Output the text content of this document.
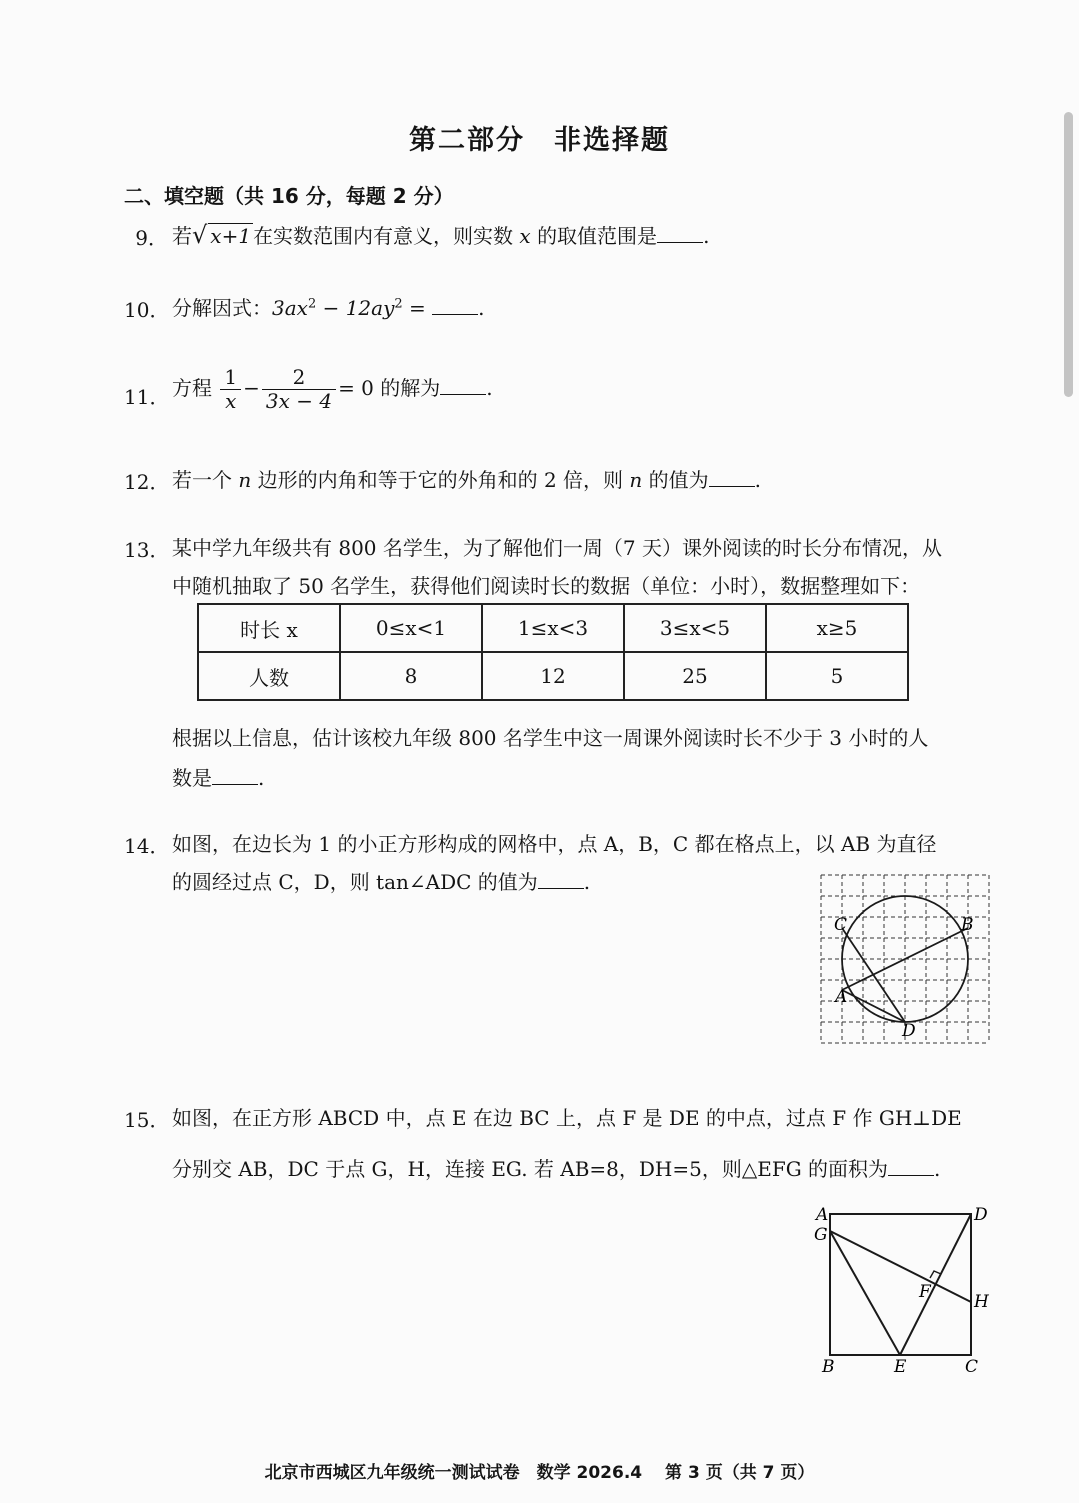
第二部分　非选择题
二、填空题（共 16 分，每题 2 分）
9． 若√ x+1 在实数范围内有意义，则实数 x 的取值范围是 .
10． 分解因式：$3ax^2 - 12ay^2$ = .
11． 方程 $\frac{1}{x} - \frac{2}{3x - 4} = 0$ 的解为 .
12． 若一个 n 边形的内角和等于它的外角和的 2 倍，则 n 的值为 .
13． 某中学九年级共有 800 名学生，为了解他们一周（7 天）课外阅读的时长分布情况，从
中随机抽取了 50 名学生，获得他们阅读时长的数据（单位：小时），数据整理如下：
时长 x	0≤x<1	1≤x<3	3≤x<5	x≥5
人数	8	12	25	5
根据以上信息，估计该校九年级 800 名学生中这一周课外阅读时长不少于 3 小时的人
数是 .
14． 如图，在边长为 1 的小正方形构成的网格中，点 A，B，C 都在格点上，以 AB 为直径
的圆经过点 C，D，则 tan∠ADC 的值为 .
C	B
A
D
15． 如图，在正方形 ABCD 中，点 E 在边 BC 上，点 F 是 DE 的中点，过点 F 作 GH⊥DE
分别交 AB，DC 于点 G，H，连接 EG. 若 AB=8，DH=5，则△EFG 的面积为 .
A	D
G
F	H
B	E	C
北京市西城区九年级统一测试试卷　数学 2026.4　 第 3 页（共 7 页）
